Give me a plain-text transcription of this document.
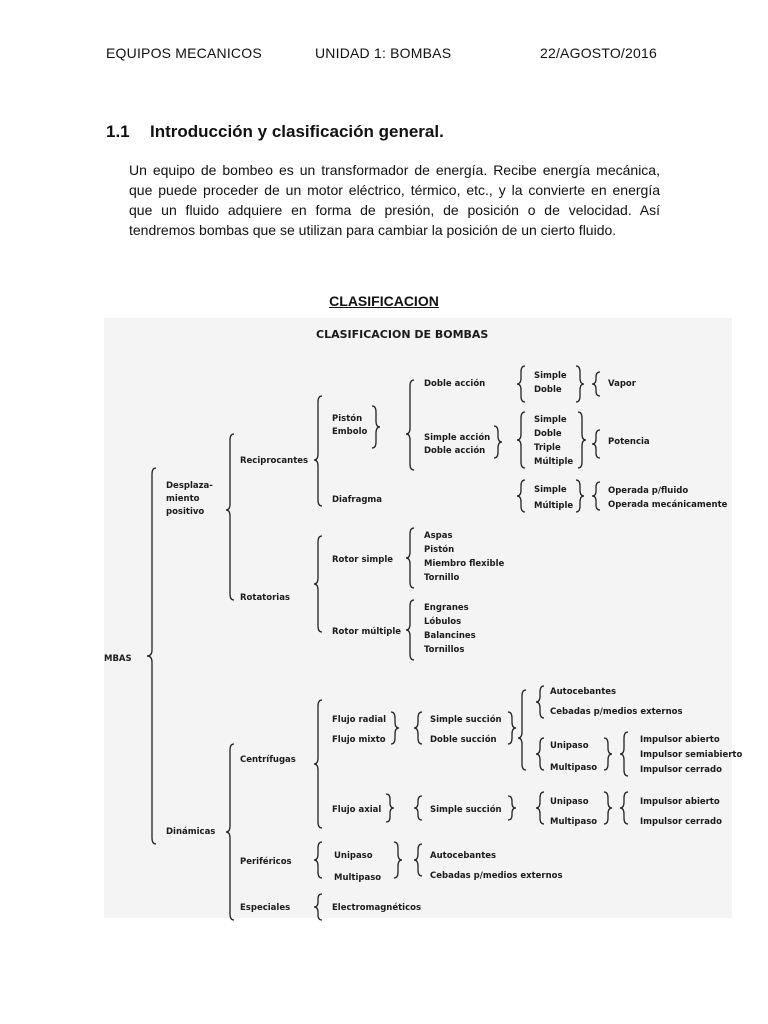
EQUIPOS MECANICOS	UNIDAD 1: BOMBAS	22/AGOSTO/2016
1.1 Introducción y clasificación general.

Un equipo de bombeo es un transformador de energía. Recibe energía mecánica, que puede proceder de un motor eléctrico, térmico, etc., y la convierte en energía que un fluido adquiere en forma de presión, de posición o de velocidad. Así tendremos bombas que se utilizan para cambiar la posición de un cierto fluido.

CLASIFICACION
CLASIFICACION DE BOMBAS
MBAS
Desplaza-
miento
positivo
Reciprocantes
Pistón
Embolo
Doble acción
Simple
Doble
Vapor
Simple acción
Doble acción
Simple
Doble
Triple
Múltiple
Potencia
Diafragma
Simple
Múltiple
Operada p/fluido
Operada mecánicamente
Rotatorias
Rotor simple
Aspas
Pistón
Miembro flexible
Tornillo
Rotor múltiple
Engranes
Lóbulos
Balancines
Tornillos
Dinámicas
Centrífugas
Flujo radial
Flujo mixto
Simple succión
Doble succión
Autocebantes
Cebadas p/medios externos
Unipaso
Multipaso
Impulsor abierto
Impulsor semiabierto
Impulsor cerrado
Flujo axial	Simple succión
Unipaso
Multipaso
Impulsor abierto
Impulsor cerrado
Periféricos
Unipaso
Multipaso
Autocebantes
Cebadas p/medios externos
Especiales	Electromagnéticos
